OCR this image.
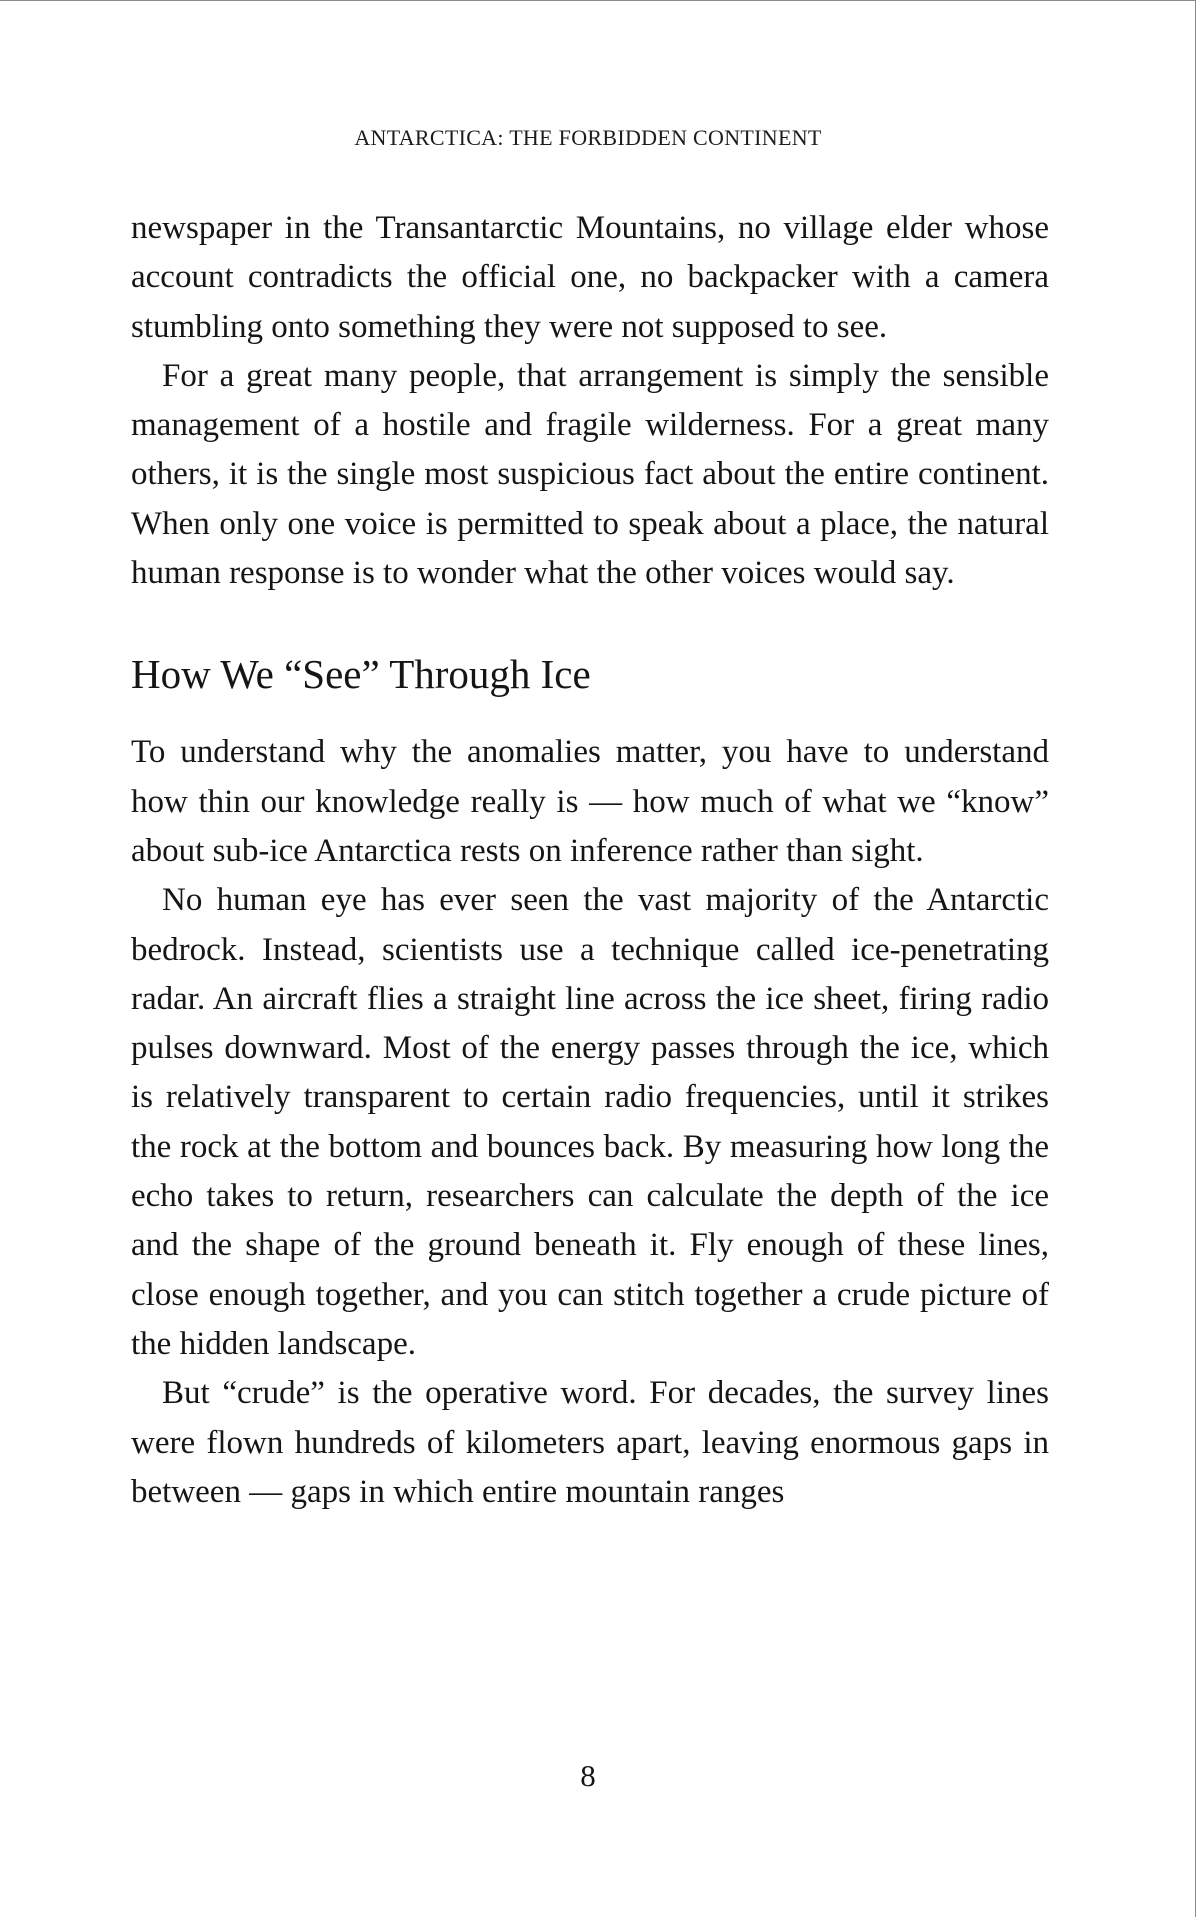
ANTARCTICA: THE FORBIDDEN CONTINENT

newspaper in the Transantarctic Mountains, no village elder whose account contradicts the official one, no backpacker with a camera stumbling onto something they were not supposed to see.

For a great many people, that arrangement is simply the sensible management of a hostile and fragile wilderness. For a great many others, it is the single most suspicious fact about the entire continent. When only one voice is permitted to speak about a place, the natural human response is to wonder what the other voices would say.

How We “See” Through Ice

To understand why the anomalies matter, you have to understand how thin our knowledge really is — how much of what we “know” about sub-ice Antarctica rests on inference rather than sight.

No human eye has ever seen the vast majority of the Antarctic bedrock. Instead, scientists use a technique called ice-penetrating radar. An aircraft flies a straight line across the ice sheet, firing radio pulses downward. Most of the energy passes through the ice, which is relatively transparent to certain radio frequencies, until it strikes the rock at the bottom and bounces back. By measuring how long the echo takes to return, researchers can calculate the depth of the ice and the shape of the ground beneath it. Fly enough of these lines, close enough together, and you can stitch together a crude picture of the hidden landscape.

But “crude” is the operative word. For decades, the survey lines were flown hundreds of kilometers apart, leaving enormous gaps in between — gaps in which entire mountain ranges

8
